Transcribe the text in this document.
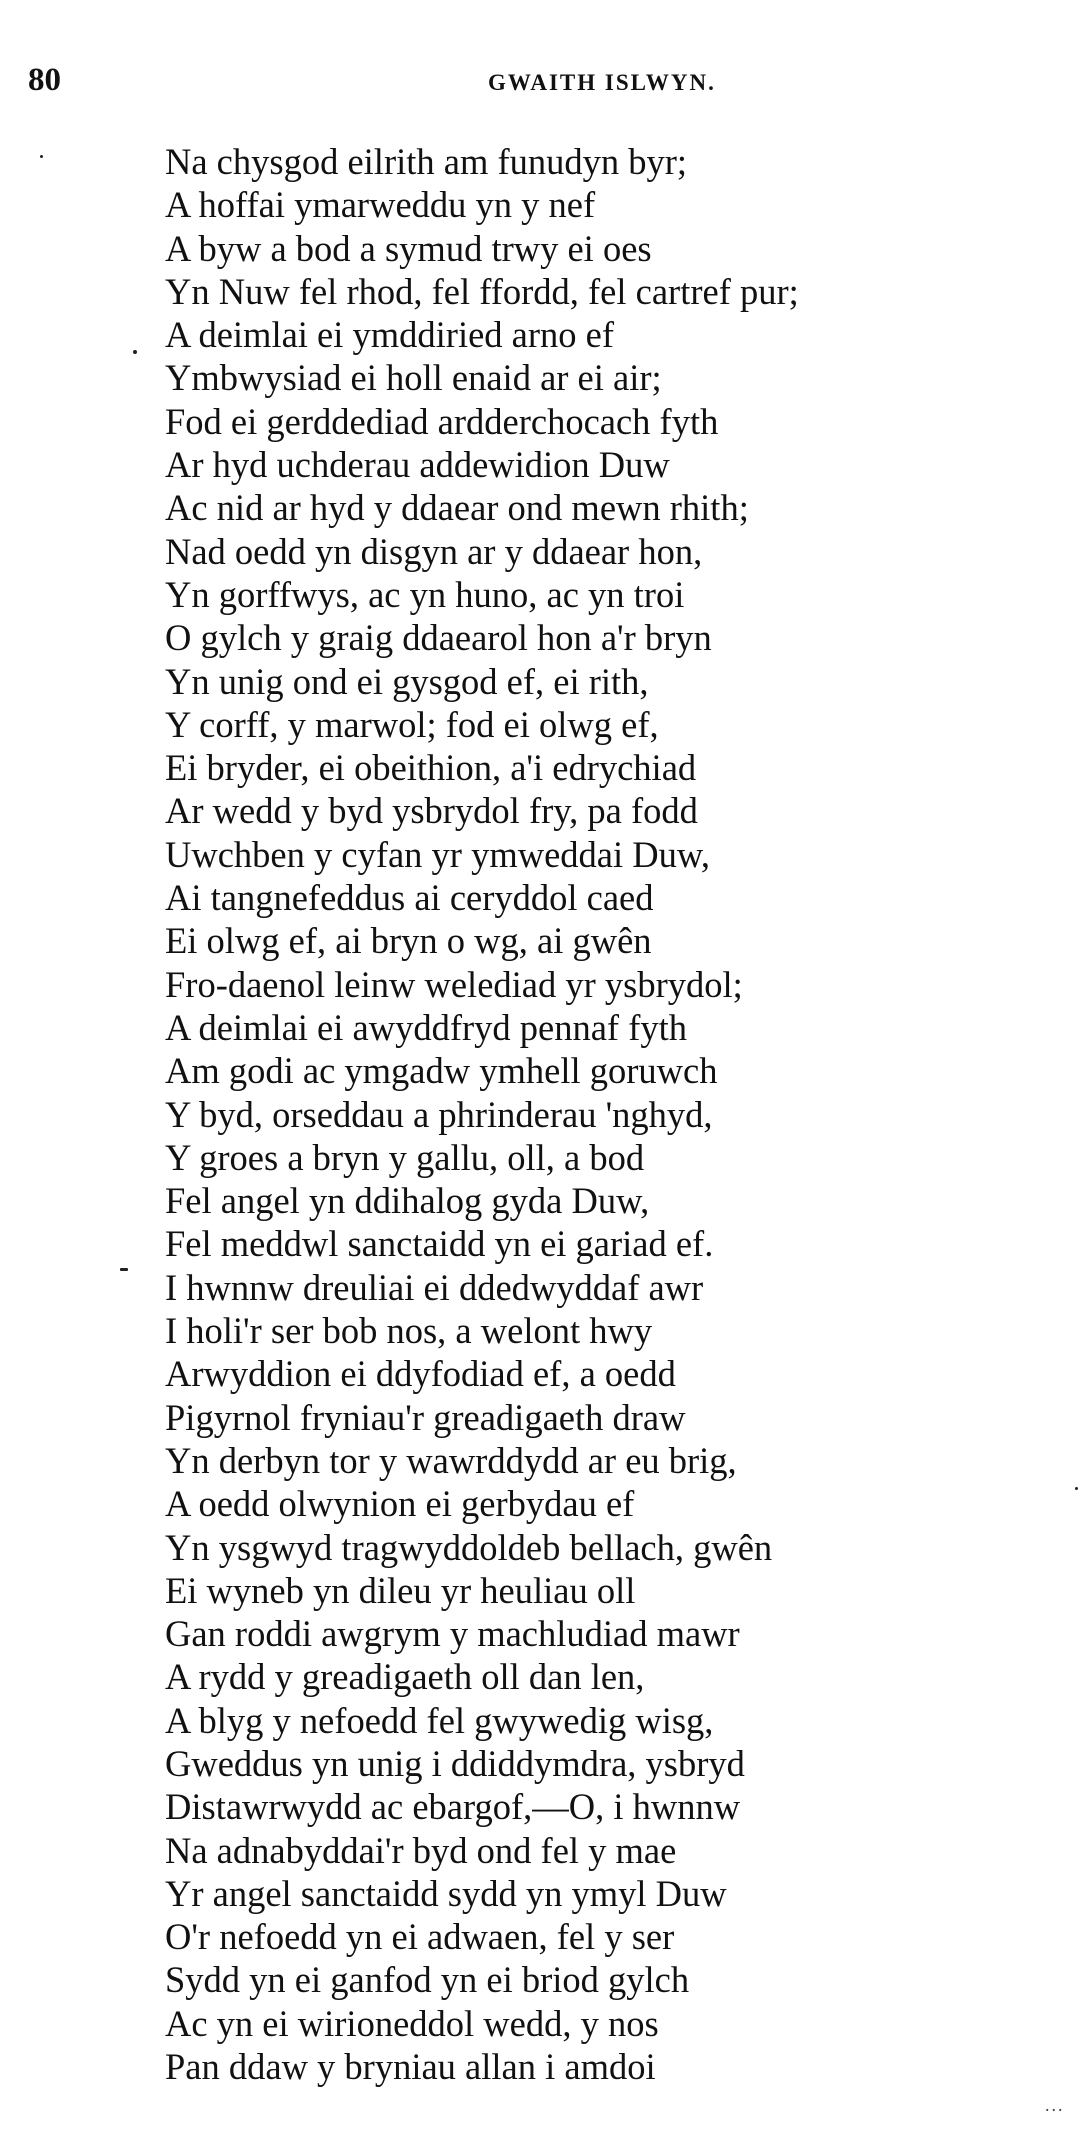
80	GWAITH ISLWYN.
Na chysgod eilrith am funudyn byr;
A hoffai ymarweddu yn y nef
A byw a bod a symud trwy ei oes
Yn Nuw fel rhod, fel ffordd, fel cartref pur;
A deimlai ei ymddiried arno ef
Ymbwysiad ei holl enaid ar ei air;
Fod ei gerddediad ardderchocach fyth
Ar hyd uchderau addewidion Duw
Ac nid ar hyd y ddaear ond mewn rhith;
Nad oedd yn disgyn ar y ddaear hon,
Yn gorffwys, ac yn huno, ac yn troi
O gylch y graig ddaearol hon a'r bryn
Yn unig ond ei gysgod ef, ei rith,
Y corff, y marwol; fod ei olwg ef,
Ei bryder, ei obeithion, a'i edrychiad
Ar wedd y byd ysbrydol fry, pa fodd
Uwchben y cyfan yr ymweddai Duw,
Ai tangnefeddus ai ceryddol caed
Ei olwg ef, ai bryn o wg, ai gwên
Fro-daenol leinw welediad yr ysbrydol;
A deimlai ei awyddfryd pennaf fyth
Am godi ac ymgadw ymhell goruwch
Y byd, orseddau a phrinderau 'nghyd,
Y groes a bryn y gallu, oll, a bod
Fel angel yn ddihalog gyda Duw,
Fel meddwl sanctaidd yn ei gariad ef.
I hwnnw dreuliai ei ddedwyddaf awr
I holi'r ser bob nos, a welont hwy
Arwyddion ei ddyfodiad ef, a oedd
Pigyrnol fryniau'r greadigaeth draw
Yn derbyn tor y wawrddydd ar eu brig,
A oedd olwynion ei gerbydau ef
Yn ysgwyd tragwyddoldeb bellach, gwên
Ei wyneb yn dileu yr heuliau oll
Gan roddi awgrym y machludiad mawr
A rydd y greadigaeth oll dan len,
A blyg y nefoedd fel gwywedig wisg,
Gweddus yn unig i ddiddymdra, ysbryd
Distawrwydd ac ebargof,—O, i hwnnw
Na adnabyddai'r byd ond fel y mae
Yr angel sanctaidd sydd yn ymyl Duw
O'r nefoedd yn ei adwaen, fel y ser
Sydd yn ei ganfod yn ei briod gylch
Ac yn ei wirioneddol wedd, y nos
Pan ddaw y bryniau allan i amdoi
...
